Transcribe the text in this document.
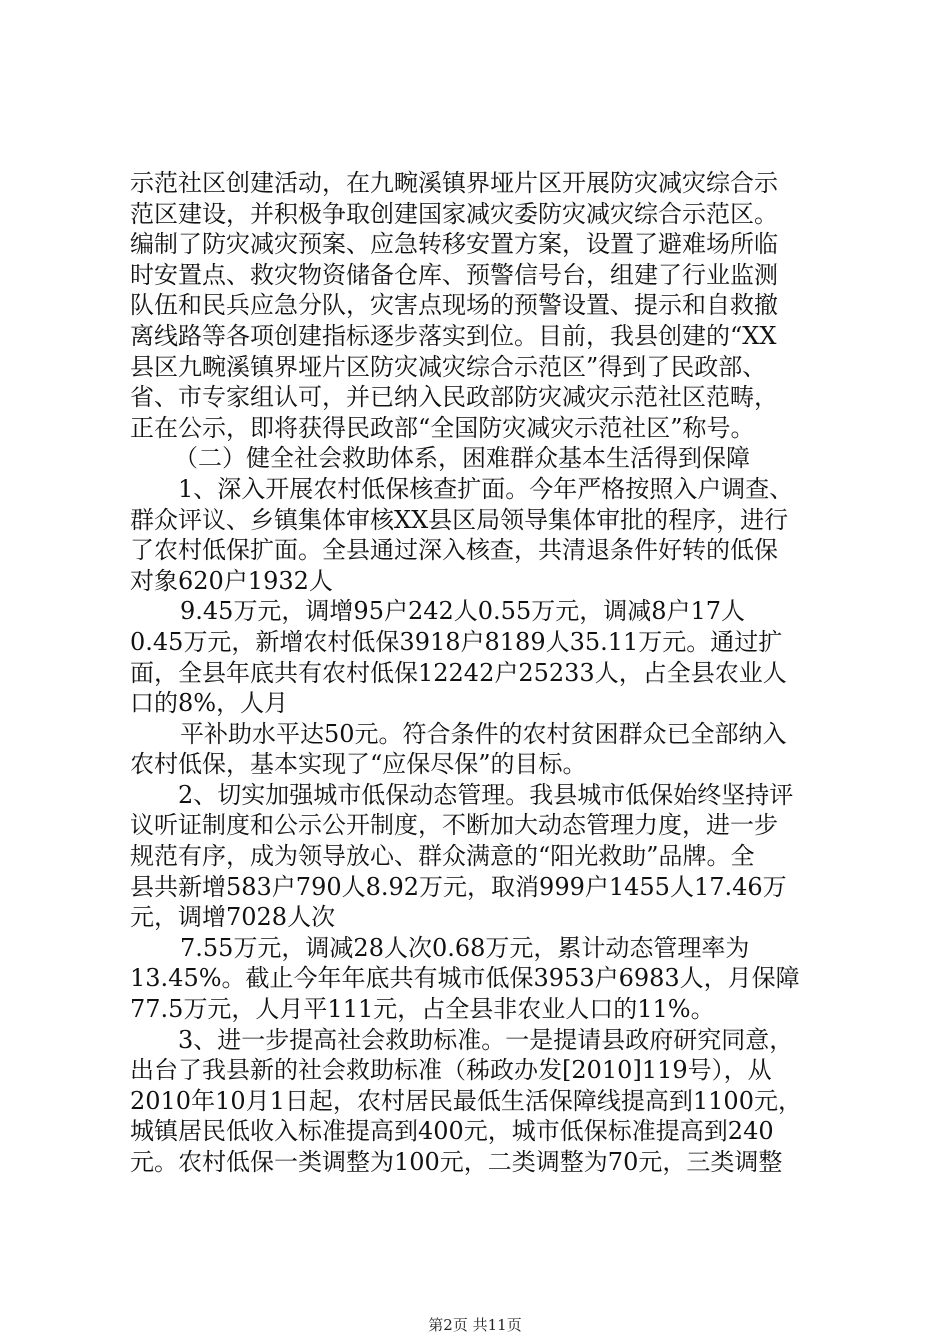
示范社区创建活动，在九畹溪镇界垭片区开展防灾减灾综合示
范区建设，并积极争取创建国家减灾委防灾减灾综合示范区。
编制了防灾减灾预案、应急转移安置方案，设置了避难场所临
时安置点、救灾物资储备仓库、预警信号台，组建了行业监测
队伍和民兵应急分队，灾害点现场的预警设置、提示和自救撤
离线路等各项创建指标逐步落实到位。目前，我县创建的“XX
县区九畹溪镇界垭片区防灾减灾综合示范区”得到了民政部、
省、市专家组认可，并已纳入民政部防灾减灾示范社区范畴，
正在公示，即将获得民政部“全国防灾减灾示范社区”称号。
（二）健全社会救助体系，困难群众基本生活得到保障
1、深入开展农村低保核查扩面。今年严格按照入户调查、
群众评议、乡镇集体审核XX县区局领导集体审批的程序，进行
了农村低保扩面。全县通过深入核查，共清退条件好转的低保
对象620户1932人
9.45万元，调增95户242人0.55万元，调减8户17人
0.45万元，新增农村低保3918户8189人35.11万元。通过扩
面，全县年底共有农村低保12242户25233人，占全县农业人
口的8%，人月
平补助水平达50元。符合条件的农村贫困群众已全部纳入
农村低保，基本实现了“应保尽保”的目标。
2、切实加强城市低保动态管理。我县城市低保始终坚持评
议听证制度和公示公开制度，不断加大动态管理力度，进一步
规范有序，成为领导放心、群众满意的“阳光救助”品牌。全
县共新增583户790人8.92万元，取消999户1455人17.46万
元，调增7028人次
7.55万元，调减28人次0.68万元，累计动态管理率为
13.45%。截止今年年底共有城市低保3953户6983人，月保障
77.5万元，人月平111元，占全县非农业人口的11%。
3、进一步提高社会救助标准。一是提请县政府研究同意，
出台了我县新的社会救助标准（秭政办发[2010]119号），从
2010年10月1日起，农村居民最低生活保障线提高到1100元，
城镇居民低收入标准提高到400元，城市低保标准提高到240
元。农村低保一类调整为100元，二类调整为70元，三类调整
第2页 共11页
